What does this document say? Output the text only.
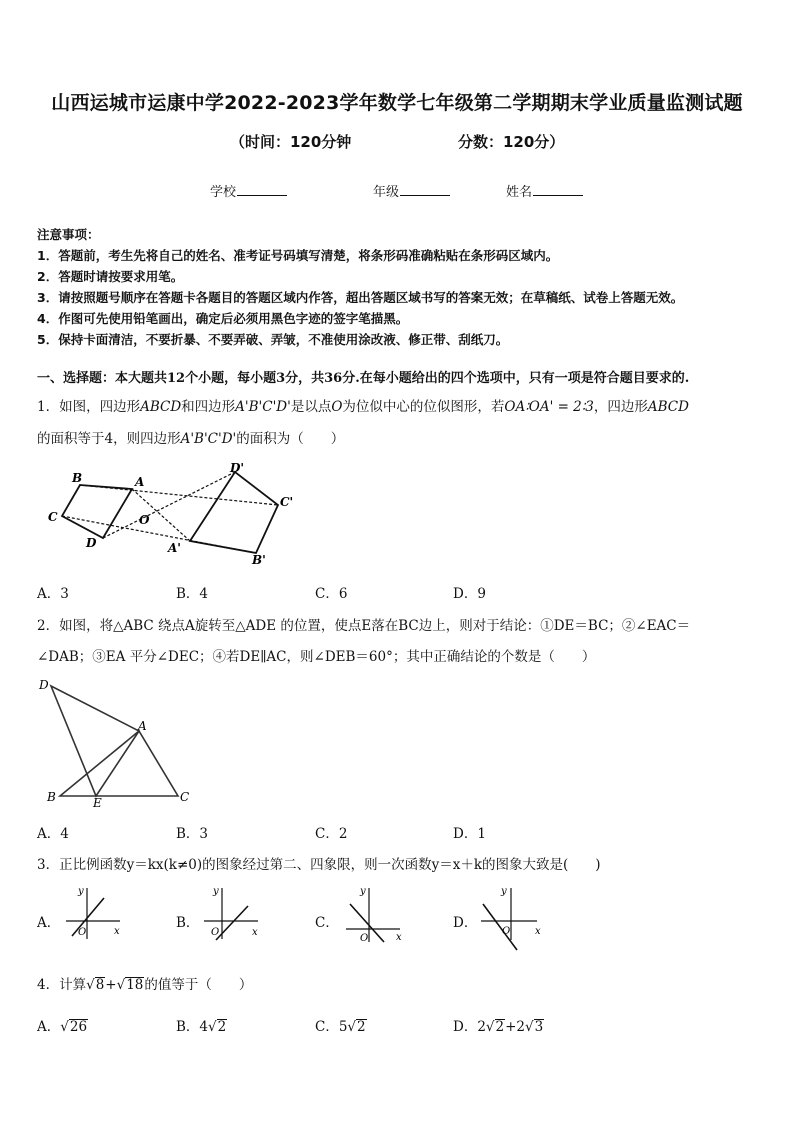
山西运城市运康中学2022-2023学年数学七年级第二学期期末学业质量监测试题
（时间：120分钟	分数：120分）
学校	年级	姓名
注意事项：
1．答题前，考生先将自己的姓名、准考证号码填写清楚，将条形码准确粘贴在条形码区域内。
2．答题时请按要求用笔。
3．请按照题号顺序在答题卡各题目的答题区域内作答，超出答题区域书写的答案无效；在草稿纸、试卷上答题无效。
4．作图可先使用铅笔画出，确定后必须用黑色字迹的签字笔描黑。
5．保持卡面清洁，不要折暴、不要弄破、弄皱，不准使用涂改液、修正带、刮纸刀。
一、选择题：本大题共12个小题，每小题3分，共36分.在每小题给出的四个选项中，只有一项是符合题目要求的.
1．如图，四边形ABCD和四边形A'B'C'D'是以点O为位似中心的位似图形，若OA∶OA' = 2∶3，四边形ABCD
的面积等于4，则四边形A'B'C'D'的面积为（　　）
B	A
C	O
D
D'
C'
A'
B'
A．3	B．4	C．6	D．9
2．如图，将△ABC 绕点A旋转至△ADE 的位置，使点E落在BC边上，则对于结论：①DE＝BC；②∠EAC＝
∠DAB；③EA 平分∠DEC；④若DE∥AC，则∠DEB＝60°；其中正确结论的个数是（　　）
D
A
B	E	C
A．4	B．3	C．2	D．1
3．正比例函数y＝kx(k≠0)的图象经过第二、四象限，则一次函数y＝x＋k的图象大致是(　　)
A．
y
O	x
B．
y
O	x
C．
y
O	x
D．
y
O x
4．计算√8+√18的值等于（　　）
A．√26	B．4√2	C．5√2	D．2√2+2√3
